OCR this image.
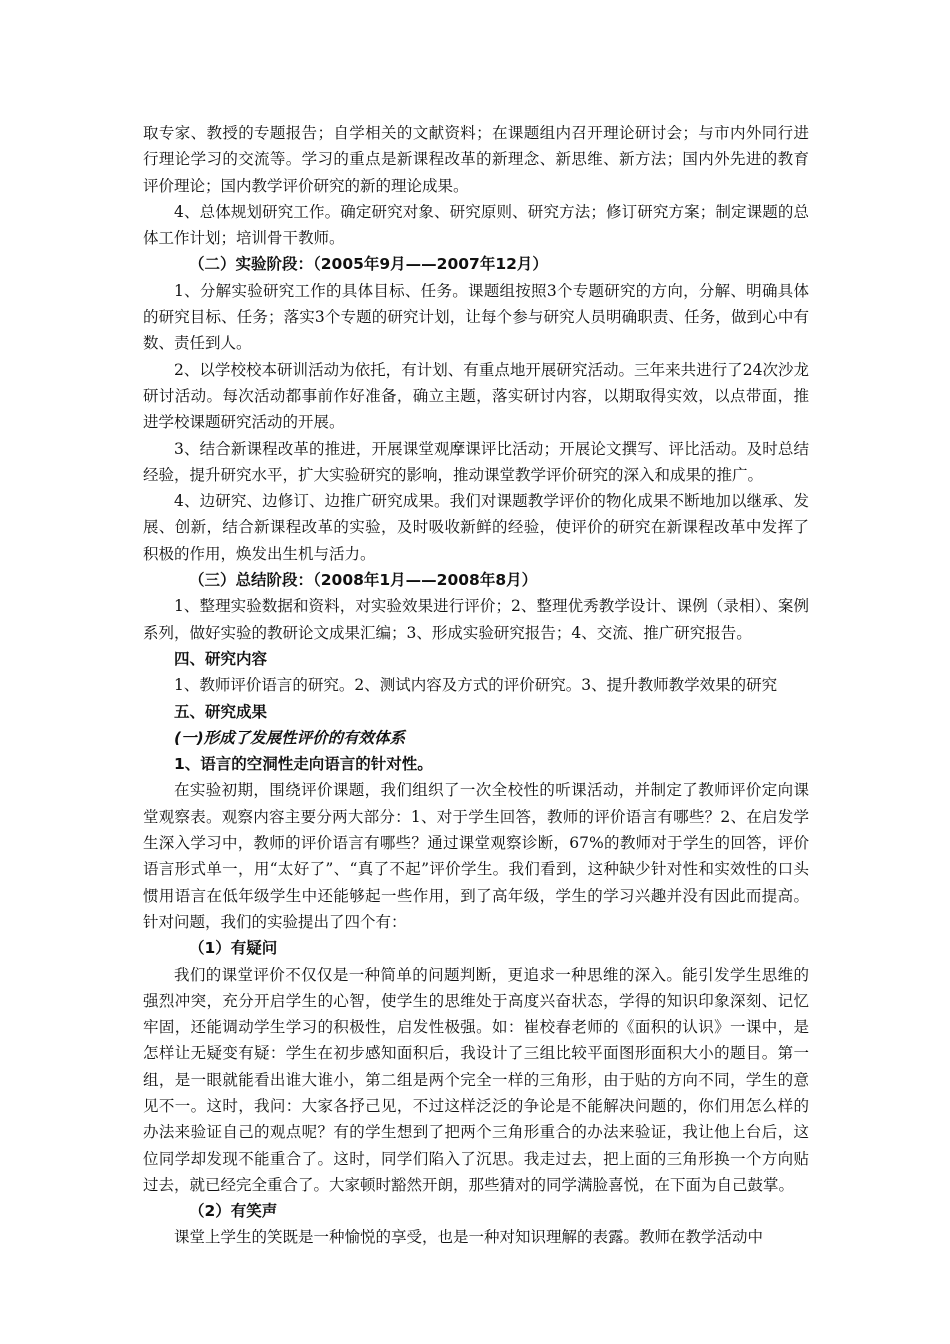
取专家、教授的专题报告；自学相关的文献资料；在课题组内召开理论研讨会；与市内外同行进行理论学习的交流等。学习的重点是新课程改革的新理念、新思维、新方法；国内外先进的教育评价理论；国内教学评价研究的新的理论成果。

4、总体规划研究工作。确定研究对象、研究原则、研究方法；修订研究方案；制定课题的总体工作计划；培训骨干教师。

（二）实验阶段：（2005年9月——2007年12月）

1、分解实验研究工作的具体目标、任务。课题组按照3个专题研究的方向，分解、明确具体的研究目标、任务；落实3个专题的研究计划，让每个参与研究人员明确职责、任务，做到心中有数、责任到人。

2、以学校校本研训活动为依托，有计划、有重点地开展研究活动。三年来共进行了24次沙龙研讨活动。每次活动都事前作好准备，确立主题，落实研讨内容，以期取得实效，以点带面，推进学校课题研究活动的开展。

3、结合新课程改革的推进，开展课堂观摩课评比活动；开展论文撰写、评比活动。及时总结经验，提升研究水平，扩大实验研究的影响，推动课堂教学评价研究的深入和成果的推广。

4、边研究、边修订、边推广研究成果。我们对课题教学评价的物化成果不断地加以继承、发展、创新，结合新课程改革的实验，及时吸收新鲜的经验，使评价的研究在新课程改革中发挥了积极的作用，焕发出生机与活力。

（三）总结阶段：（2008年1月——2008年8月）

1、整理实验数据和资料，对实验效果进行评价；2、整理优秀教学设计、课例（录相）、案例系列，做好实验的教研论文成果汇编；3、形成实验研究报告；4、交流、推广研究报告。

四、研究内容

1、教师评价语言的研究。2、测试内容及方式的评价研究。3、提升教师教学效果的研究

五、研究成果

(一)形成了发展性评价的有效体系

1、语言的空洞性走向语言的针对性。

在实验初期，围绕评价课题，我们组织了一次全校性的听课活动，并制定了教师评价定向课堂观察表。观察内容主要分两大部分：1、对于学生回答，教师的评价语言有哪些？2、在启发学生深入学习中，教师的评价语言有哪些？通过课堂观察诊断，67%的教师对于学生的回答，评价语言形式单一，用“太好了”、“真了不起”评价学生。我们看到，这种缺少针对性和实效性的口头惯用语言在低年级学生中还能够起一些作用，到了高年级，学生的学习兴趣并没有因此而提高。针对问题，我们的实验提出了四个有：

（1）有疑问

我们的课堂评价不仅仅是一种简单的问题判断，更追求一种思维的深入。能引发学生思维的强烈冲突，充分开启学生的心智，使学生的思维处于高度兴奋状态，学得的知识印象深刻、记忆牢固，还能调动学生学习的积极性，启发性极强。如：崔校春老师的《面积的认识》一课中，是怎样让无疑变有疑：学生在初步感知面积后，我设计了三组比较平面图形面积大小的题目。第一组，是一眼就能看出谁大谁小，第二组是两个完全一样的三角形，由于贴的方向不同，学生的意见不一。这时，我问：大家各抒己见，不过这样泛泛的争论是不能解决问题的，你们用怎么样的办法来验证自己的观点呢？有的学生想到了把两个三角形重合的办法来验证，我让他上台后，这位同学却发现不能重合了。这时，同学们陷入了沉思。我走过去，把上面的三角形换一个方向贴过去，就已经完全重合了。大家顿时豁然开朗，那些猜对的同学满脸喜悦，在下面为自己鼓掌。

（2）有笑声

课堂上学生的笑既是一种愉悦的享受，也是一种对知识理解的表露。教师在教学活动中
